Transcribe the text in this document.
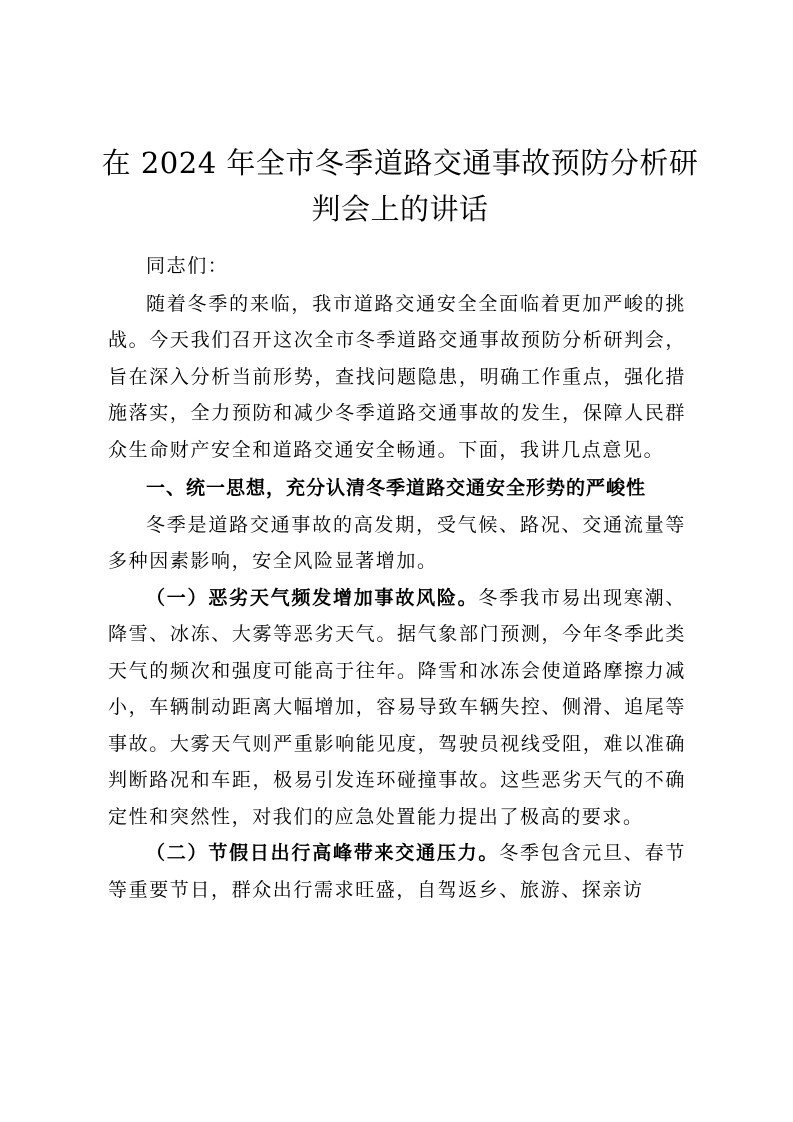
在 2024 年全市冬季道路交通事故预防分析研
判会上的讲话

同志们：

随着冬季的来临，我市道路交通安全全面临着更加严峻的挑战。今天我们召开这次全市冬季道路交通事故预防分析研判会，旨在深入分析当前形势，查找问题隐患，明确工作重点，强化措施落实，全力预防和减少冬季道路交通事故的发生，保障人民群众生命财产安全和道路交通安全畅通。下面，我讲几点意见。

一、统一思想，充分认清冬季道路交通安全形势的严峻性

冬季是道路交通事故的高发期，受气候、路况、交通流量等多种因素影响，安全风险显著增加。

（一）恶劣天气频发增加事故风险。冬季我市易出现寒潮、降雪、冰冻、大雾等恶劣天气。据气象部门预测，今年冬季此类天气的频次和强度可能高于往年。降雪和冰冻会使道路摩擦力减小，车辆制动距离大幅增加，容易导致车辆失控、侧滑、追尾等事故。大雾天气则严重影响能见度，驾驶员视线受阻，难以准确判断路况和车距，极易引发连环碰撞事故。这些恶劣天气的不确定性和突然性，对我们的应急处置能力提出了极高的要求。

（二）节假日出行高峰带来交通压力。冬季包含元旦、春节等重要节日，群众出行需求旺盛，自驾返乡、旅游、探亲访
